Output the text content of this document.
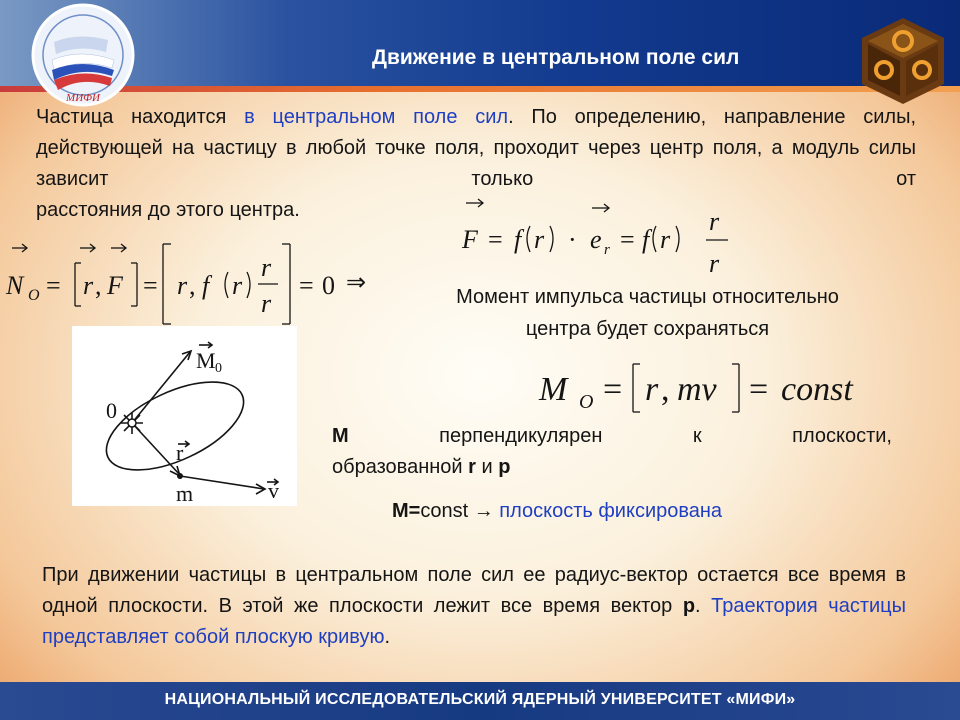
Движение в центральном поле сил
МИФИ
Частица находится в центральном поле сил. По определению, направление силы, действующей на частицу в любой точке поля, проходит через центр поля, а модуль силы зависит только от
расстояния до этого центра.
N O = r , F = r , f r
r
r
= 0 ⇒
F = f r · e r = f r
r
r
Момент импульса частицы относительно
центра будет сохраняться
M O = r , mv = const
M 0
0
r
m	v
М	перпендикулярен	к	плоскости,
образованной r и p
М=const → плоскость фиксирована
При движении частицы в центральном поле сил ее радиус-вектор остается все время в одной плоскости. В этой же плоскости лежит все время вектор р. Траектория частицы представляет собой плоскую кривую.
НАЦИОНАЛЬНЫЙ ИССЛЕДОВАТЕЛЬСКИЙ ЯДЕРНЫЙ УНИВЕРСИТЕТ «МИФИ»
